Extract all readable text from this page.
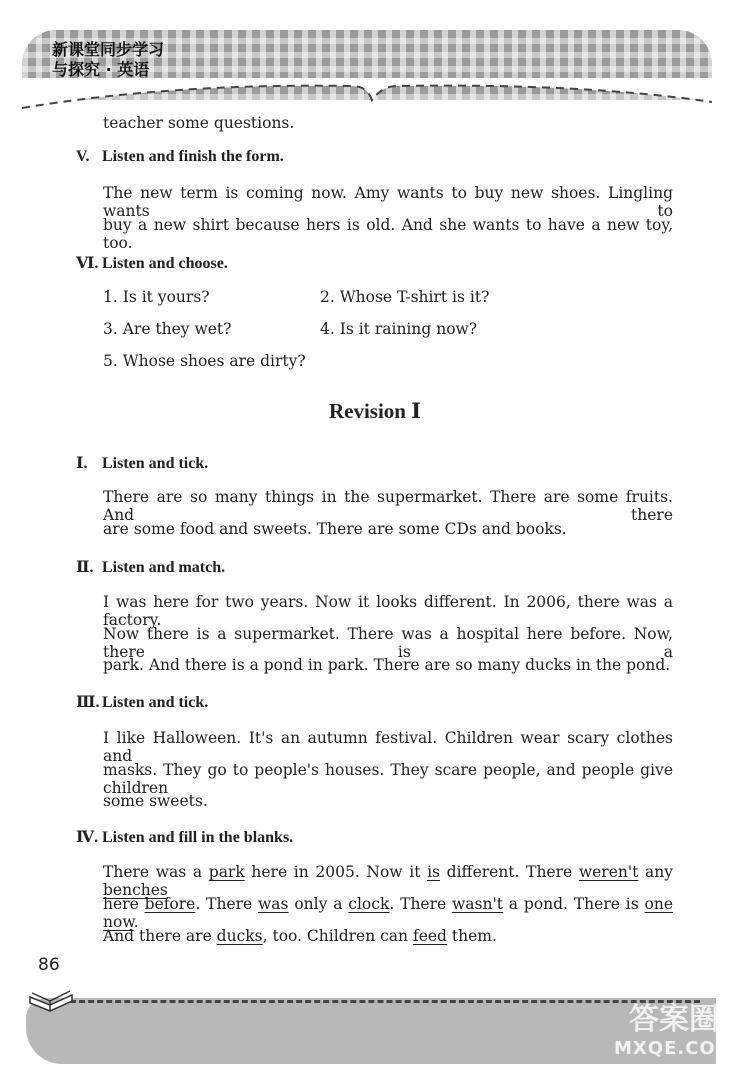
新课堂同步学习
与探究 · 英语
teacher some questions.
V. Listen and finish the form.
The new term is coming now. Amy wants to buy new shoes. Lingling wants to
buy a new shirt because hers is old. And she wants to have a new toy, too.
Ⅵ. Listen and choose.
1. Is it yours?	2. Whose T-shirt is it?
3. Are they wet?	4. Is it raining now?
5. Whose shoes are dirty?
Revision Ⅰ
Ⅰ. Listen and tick.
There are so many things in the supermarket. There are some fruits. And there
are some food and sweets. There are some CDs and books.
Ⅱ. Listen and match.
I was here for two years. Now it looks different. In 2006, there was a factory.
Now there is a supermarket. There was a hospital here before. Now, there is a
park. And there is a pond in park. There are so many ducks in the pond.
Ⅲ. Listen and tick.
I like Halloween. It's an autumn festival. Children wear scary clothes and
masks. They go to people's houses. They scare people, and people give children
some sweets.
Ⅳ. Listen and fill in the blanks.
There was a park here in 2005. Now it is different. There weren't any benches
here before. There was only a clock. There wasn't a pond. There is one now.
And there are ducks, too. Children can feed them.
86
答案圈
MXQE.COM
